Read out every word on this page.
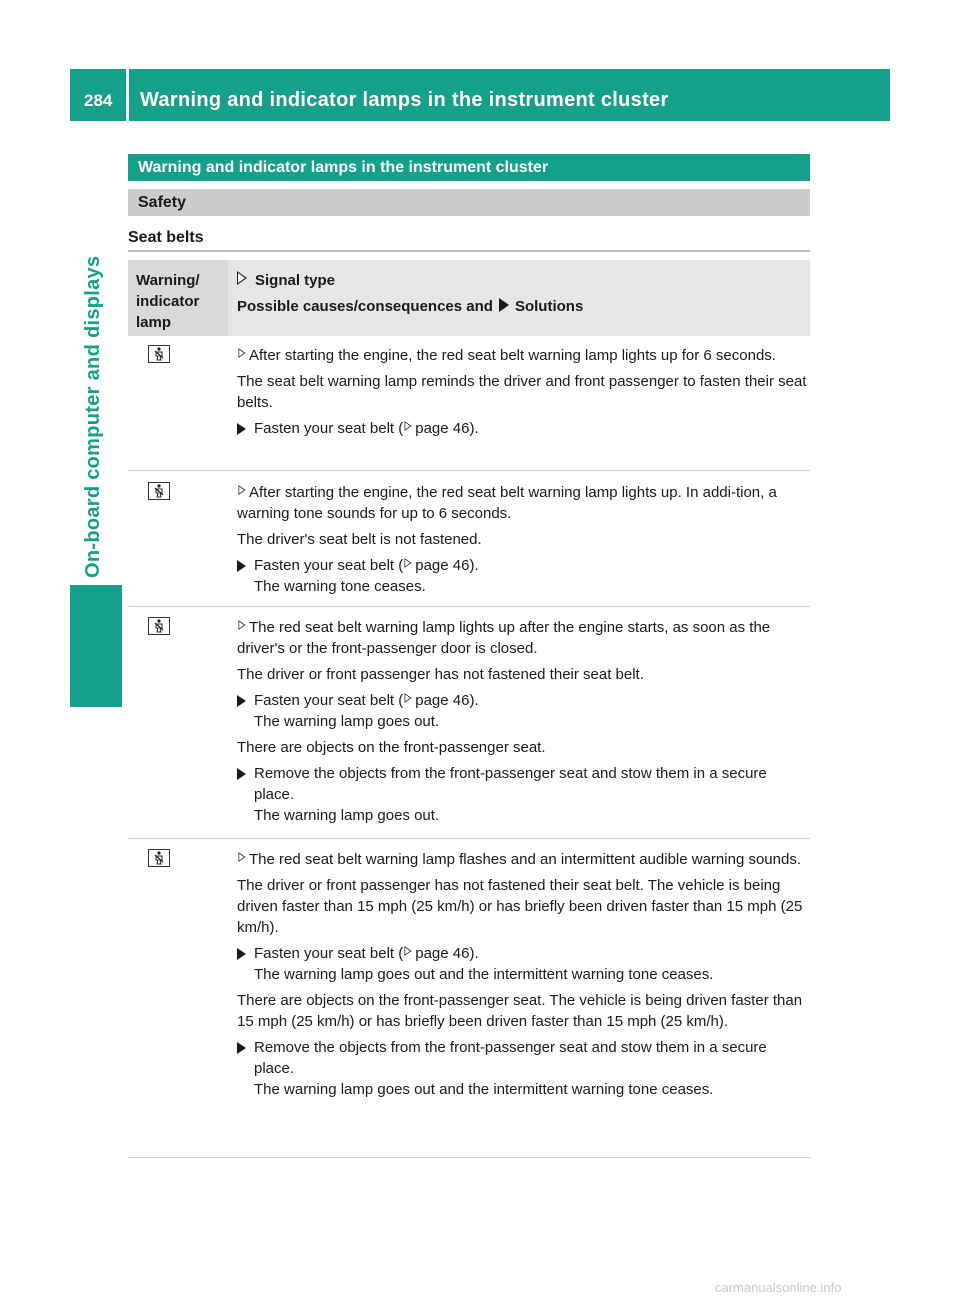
284 Warning and indicator lamps in the instrument cluster
On-board computer and displays
Warning and indicator lamps in the instrument cluster
Safety
Seat belts
Warning/
indicator
lamp
Signal type
Possible causes/consequences and Solutions

After starting the engine, the red seat belt warning lamp lights up for 6 seconds.

The seat belt warning lamp reminds the driver and front passenger to fasten their seat belts.

Fasten your seat belt ( page 46).

After starting the engine, the red seat belt warning lamp lights up. In addi-tion, a warning tone sounds for up to 6 seconds.

The driver's seat belt is not fastened.

Fasten your seat belt ( page 46).
The warning tone ceases.

The red seat belt warning lamp lights up after the engine starts, as soon as the driver's or the front-passenger door is closed.

The driver or front passenger has not fastened their seat belt.

Fasten your seat belt ( page 46).
The warning lamp goes out.

There are objects on the front-passenger seat.

Remove the objects from the front-passenger seat and stow them in a secure place.
The warning lamp goes out.

The red seat belt warning lamp flashes and an intermittent audible warning sounds.

The driver or front passenger has not fastened their seat belt. The vehicle is being driven faster than 15 mph (25 km/h) or has briefly been driven faster than 15 mph (25 km/h).

Fasten your seat belt ( page 46).
The warning lamp goes out and the intermittent warning tone ceases.

There are objects on the front-passenger seat. The vehicle is being driven faster than 15 mph (25 km/h) or has briefly been driven faster than 15 mph (25 km/h).

Remove the objects from the front-passenger seat and stow them in a secure place.
The warning lamp goes out and the intermittent warning tone ceases.
carmanualsonline.info
